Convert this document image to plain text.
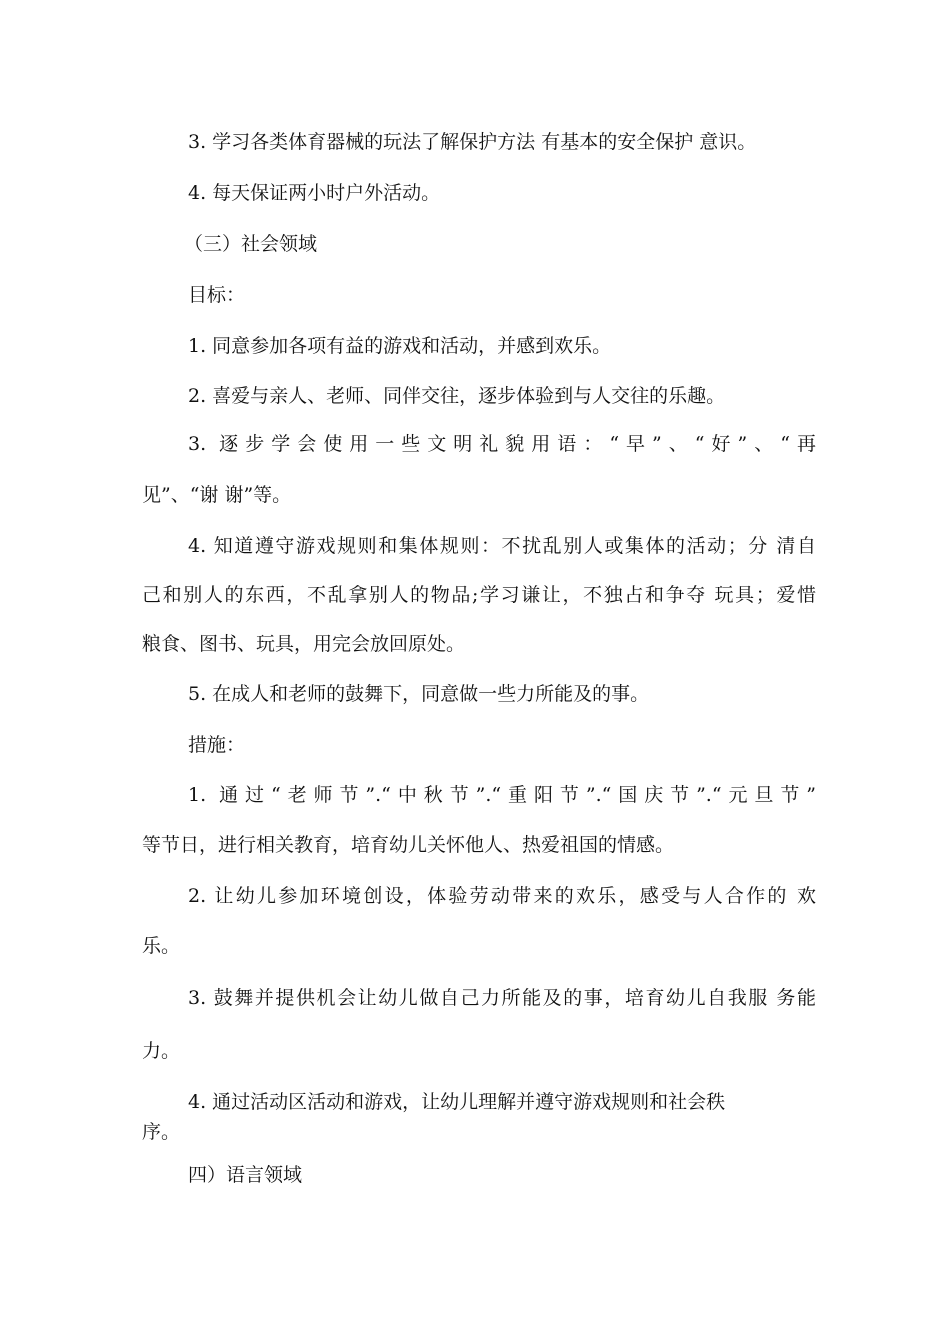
3. 学习各类体育器械的玩法了解保护方法 有基本的安全保护 意识。
4. 每天保证两小时户外活动。
（三）社会领域
目标：
1. 同意参加各项有益的游戏和活动，并感到欢乐。
2. 喜爱与亲人、老师、同伴交往，逐步体验到与人交往的乐趣。
3. 逐步学会使用一些文明礼貌用语：“早”、“好”、“再
见”、“谢 谢”等。
4. 知道遵守游戏规则和集体规则：不扰乱别人或集体的活动；分 清自
己和别人的东西，不乱拿别人的物品;学习谦让，不独占和争夺 玩具；爱惜
粮食、图书、玩具，用完会放回原处。
5. 在成人和老师的鼓舞下，同意做一些力所能及的事。
措施：
1. 通过“老师节”.“中秋节”.“重阳节”.“国庆节”.“元旦节”
等节日，进行相关教育，培育幼儿关怀他人、热爱祖国的情感。
2. 让幼儿参加环境创设，体验劳动带来的欢乐，感受与人合作的 欢
乐。
3. 鼓舞并提供机会让幼儿做自己力所能及的事，培育幼儿自我服 务能
力。
4. 通过活动区活动和游戏，让幼儿理解并遵守游戏规则和社会秩
序。
四）语言领域
